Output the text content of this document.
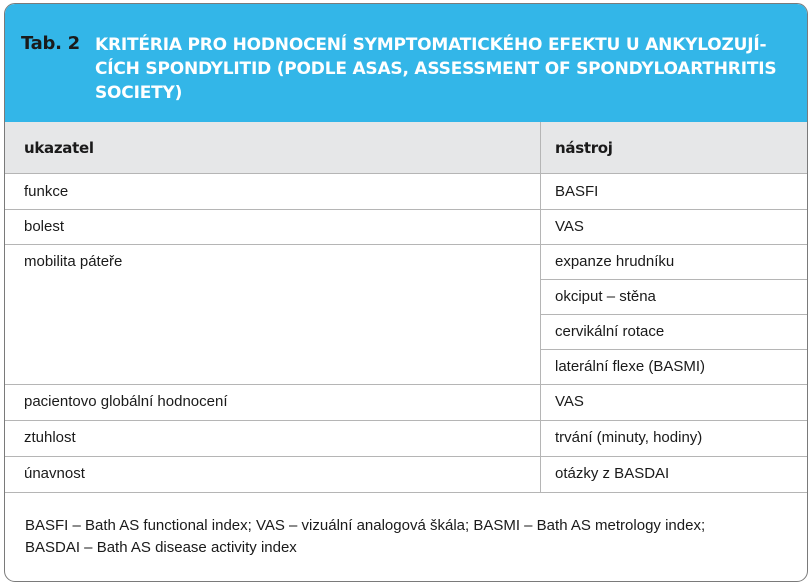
Tab. 2 KRITÉRIA PRO HODNOCENÍ SYMPTOMATICKÉHO EFEKTU U ANKYLOZUJÍ-
CÍCH SPONDYLITID (PODLE ASAS, ASSESSMENT OF SPONDYLOARTHRITIS
SOCIETY)
ukazatel	nástroj
funkce	BASFI
bolest	VAS
mobilita páteře	expanze hrudníku
okciput – stěna
cervikální rotace
laterální flexe (BASMI)
pacientovo globální hodnocení	VAS
ztuhlost	trvání (minuty, hodiny)
únavnost	otázky z BASDAI
BASFI – Bath AS functional index; VAS – vizuální analogová škála; BASMI – Bath AS metrology index;
BASDAI – Bath AS disease activity index
